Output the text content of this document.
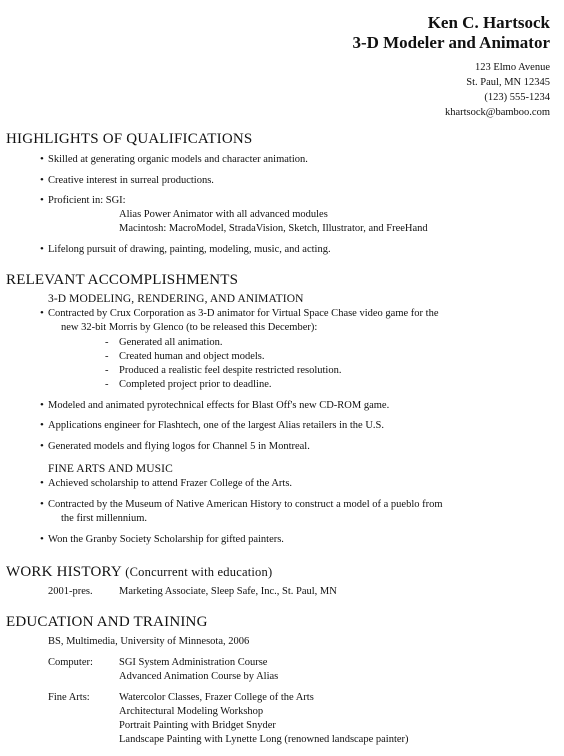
Ken C. Hartsock
3-D Modeler and Animator
123 Elmo Avenue
St. Paul, MN 12345
(123) 555-1234
khartsock@bamboo.com
HIGHLIGHTS OF QUALIFICATIONS
• Skilled at generating organic models and character animation.
• Creative interest in surreal productions.
• Proficient in: SGI:
Alias Power Animator with all advanced modules
Macintosh: MacroModel, StradaVision, Sketch, Illustrator, and FreeHand
• Lifelong pursuit of drawing, painting, modeling, music, and acting.
RELEVANT ACCOMPLISHMENTS
3-D MODELING, RENDERING, AND ANIMATION
• Contracted by Crux Corporation as 3-D animator for Virtual Space Chase video game for the
new 32-bit Morris by Glenco (to be released this December):
- Generated all animation.
- Created human and object models.
- Produced a realistic feel despite restricted resolution.
- Completed project prior to deadline.
• Modeled and animated pyrotechnical effects for Blast Off's new CD-ROM game.
• Applications engineer for Flashtech, one of the largest Alias retailers in the U.S.
• Generated models and flying logos for Channel 5 in Montreal.
FINE ARTS AND MUSIC
• Achieved scholarship to attend Frazer College of the Arts.
• Contracted by the Museum of Native American History to construct a model of a pueblo from
the first millennium.
• Won the Granby Society Scholarship for gifted painters.
WORK HISTORY (Concurrent with education)
2001-pres.	Marketing Associate, Sleep Safe, Inc., St. Paul, MN
EDUCATION AND TRAINING
BS, Multimedia, University of Minnesota, 2006
Computer: SGI System Administration Course
Advanced Animation Course by Alias
Fine Arts:	Watercolor Classes, Frazer College of the Arts
Architectural Modeling Workshop
Portrait Painting with Bridget Snyder
Landscape Painting with Lynette Long (renowned landscape painter)
